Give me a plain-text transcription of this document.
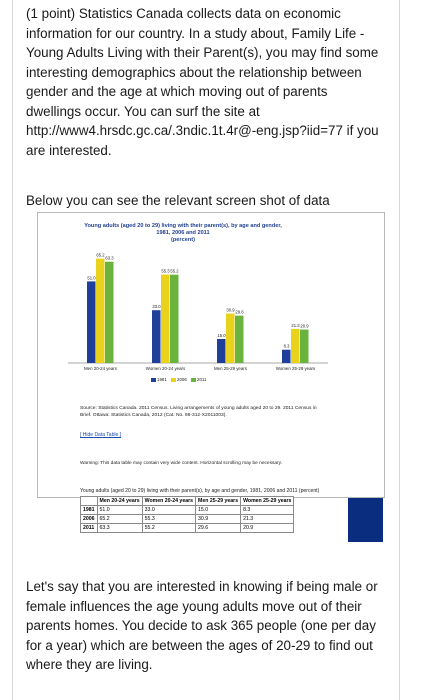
(1 point) Statistics Canada collects data on economic information for our country. In a study about, Family Life - Young Adults Living with their Parent(s), you may find some interesting demographics about the relationship between gender and the age at which moving out of parents dwellings occur. You can surf the site at http://www4.hrsdc.gc.ca/.3ndic.1t.4r@-eng.jsp?iid=77 if you are interested.

Below you can see the relevant screen shot of data

Young adults (aged 20 to 29) living with their parent(s), by age and gender,
1981, 2006 and 2011
(percent)
51.0
65.2
63.3
Men 20-24 years
33.0
55.3 55.2
Women 20-24 years
15.0
30.9 29.6
Men 25-29 years
8.3
21.3 20.9
Women 25-29 years
1981 2006 2011
Source: Statistics Canada. 2011 Census. Living arrangements of young adults aged 20 to 29. 2011 Census in Brief. Ottawa: Statistics Canada, 2012 (Cat. No. 98-312-X2011003).
[ Hide Data Table ]
Warning: This data table may contain very wide content. Horizontal scrolling may be necessary.
Young adults (aged 20 to 29) living with their parent(s), by age and gender, 1981, 2006 and 2011 (percent)
	Men 20-24 years	Women 20-24 years	Men 25-29 years	Women 25-29 years
1981	51.0	33.0	15.0	8.3
2006	65.2	55.3	30.9	21.3
2011	63.3	55.2	29.6	20.9

Let's say that you are interested in knowing if being male or female influences the age young adults move out of their parents homes. You decide to ask 365 people (one per day for a year) which are between the ages of 20-29 to find out where they are living.
